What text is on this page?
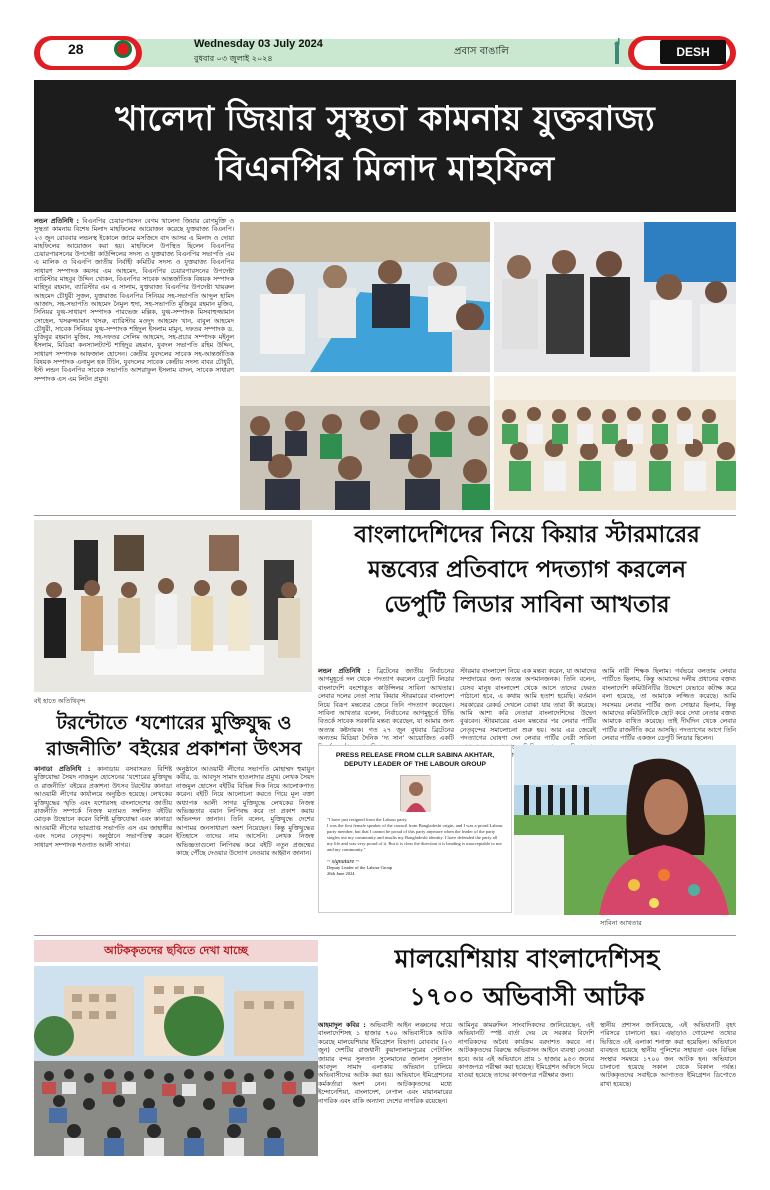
28	Wednesday 03 July 2024
বুধবার ০৩ জুলাই ২০২৪
প্রবাস বাঙালি	DESH
খালেদা জিয়ার সুস্থতা কামনায় যুক্তরাজ্য
বিএনপির মিলাদ মাহফিল
লন্ডন প্রতিনিধি : বিএনপির চেয়ারপারসন বেগম খালেদা জিয়ার রোগমুক্তি ও সুস্থতা কামনায় বিশেষ মিলাদ মাহফিলের আয়োজন করেছে যুক্তরাজ্য বিএনপি। ২৩ জুন রোববার লন্ডনস্থ ইকোলে জামে মসজিদে বাদ আসর এ মিলাদ ও দোয়া মাহফিলের আয়োজন করা হয়। মাহফিলে উপস্থিত ছিলেন বিএনপির চেয়ারপারসনের উপদেষ্টা কাউন্সিলের সদস্য ও যুক্তরাজ্য বিএনপির সভাপতি এম এ মালিক ও বিএনপি জাতীয় নির্বাহী কমিটির সদস্য ও যুক্তরাজ্য বিএনপির সাধারণ সম্পাদক কয়সর এম আহমেদ, বিএনপির চেয়ারপারসনের উপদেষ্টা ব্যারিস্টার মাহবুব উদ্দিন খোকন, বিএনপির সাবেক আন্তর্জাতিক বিষয়ক সম্পাদক মাহিদুর রহমান, ব্যারিস্টার এম এ সালাম, যুক্তরাজ্য বিএনপির উপদেষ্টা খায়রুল আহমেদ চৌধুরী সুজন, যুক্তরাজ্য বিএনপির সিনিয়র সহ-সভাপতি আব্দুল হামিদ আজাদ, সহ-সভাপতি আহমেদ নৈমুল হুদা, সহ-সভাপতি মুজিবুর রহমান মুজিব, সিনিয়র যুগ্ম-সাধারণ সম্পাদক পারভেজ মল্লিক, যুগ্ম-সম্পাদক মিসবাহুজ্জামান সোহেল, খসরুজ্জামান খসরু, ব্যারিস্টার মওদুদ আহমেদ খান, বাবুল আহমেদ চৌধুরী, সাবেক সিনিয়র যুগ্ম-সম্পাদক শহিদুল ইসলাম মামুন, দফতর সম্পাদক ড. মুজিবুর রহমান মুজিব, সহ-দফতর সেলিম আহমেদ, সহ-প্রচার সম্পাদক মইনুল ইসলাম, মিডিয়া কনস্যালট্যান্ট শাহিদুর রহমান, যুবদল সভাপতি রহিম উদ্দিন, সাধারণ সম্পাদক আফজাল হোসেন। কেন্দ্রীয় যুবদলের সাবেক সহ-আন্তর্জাতিক বিষয়ক সম্পাদক এনামুল হক টিটন, যুবদলের সাবেক কেন্দ্রীয় সদস্য বাবর চৌধুরী, ইস্ট লন্ডন বিএনপির সাবেক সভাপতি আশরাফুল ইসলাম বাদল, সাবেক সাধারণ সম্পাদক এস এম লিটন প্রমুখ।
বই হাতে অতিথিবৃন্দ
বাংলাদেশিদের নিয়ে কিয়ার স্টারমারের
মন্তব্যের প্রতিবাদে পদত্যাগ করলেন
ডেপুটি লিডার সাবিনা আখতার
লন্ডন প্রতিনিধি : ব্রিটেনের জাতীয় নির্বাচনের আগমুহূর্তে দল থেকে পদত্যাগ করলেন ডেপুটি লিডার বাংলাদেশি বংশোদ্ভূত কাউন্সিলর সাবিনা আখতার। লেবার দলের নেতা স্যার কিয়ার স্টারমারের বাংলাদেশ নিয়ে বিরূপ মন্তব্যের জেরে তিনি পদত্যাগ করেছেন। সাবিনা আখতার বলেন, নির্বাচনের আগমুহূর্তে টিভি বিতর্কে সাবেক সরকারি মন্তব্য করেছেন, যা আমার জন্য অত্যন্ত কষ্টদায়ক। গত ২৭ জুন বুধবার ব্রিটেনের অন্যতম মিডিয়া দৈনিক ‘দ্য সান’ আয়োজিত একটি
স্টারমার বাংলাদেশ নিয়ে এক মন্তব্য করেন, যা আমাদের সম্প্রদায়ের জন্য অত্যন্ত অপমানজনক। তিনি বলেন, যেসব মানুষ বাংলাদেশ থেকে আসে তাদের ফেরত পাঠানো হবে, এ কথায় আমি হতাশ হয়েছি। বর্তমান সরকারের রেকর্ড দেখলে বোঝা যায় তারা কী করেছে। আমি আশা করি নেতারা বাংলাদেশিদের উদ্বেগ বুঝবেন। স্টারমারের এমন মন্তব্যের পর লেবার পার্টির নেতৃবৃন্দের সমালোচনা শুরু হয়। আর এর জেরেই পদত্যাগের ঘোষণা দেন লেবার পার্টির নেত্রী সাবিনা
আমি নারী শিক্ষক ছিলাম। গর্বভরে বলতাম লেবার পার্টিতে ছিলাম, কিন্তু আমাদের দলীয় প্রধানের বক্তব্য বাংলাদেশি কমিউনিটির উদ্দেশে যেভাবে কটাক্ষ করে বলা হয়েছে, তা আমাকে লজ্জিত করেছে। আমি সবসময় লেবার পার্টির জন্য সোচ্চার ছিলাম, কিন্তু আমাদের কমিউনিটিকে ছোট করে দেখা নেতার বক্তব্য আমাকে ব্যথিত করেছে। তাই দীর্ঘদিন থেকে লেবার পার্টির রাজনীতি করে আসছি। পদত্যাগের আগে তিনি লেবার পার্টির একজন ডেপুটি লিডার ছিলেন।
টরন্টোতে ‘যশোরের মুক্তিযুদ্ধ ও
রাজনীতি’ বইয়ের প্রকাশনা উৎসব
কানাডা প্রতিনিধি : কানাডায় বসবাসরত বিশিষ্ট মুক্তিযোদ্ধা সৈয়দ নাজমুল হোসেনের ‘যশোরের মুক্তিযুদ্ধ ও রাজনীতি’ বইয়ের প্রকাশনা উৎসব টরন্টোর কানাডা আওয়ামী লীগের কার্যালয়ে অনুষ্ঠিত হয়েছে। লেখকের মুক্তিযুদ্ধের স্মৃতি এবং যশোরসহ বাংলাদেশের জাতীয় রাজনীতি সম্পর্কে নিজস্ব মতামত সম্বলিত বইটির মোড়ক উন্মোচন করেন বিশিষ্ট মুক্তিযোদ্ধা এবং কানাডা আওয়ামী লীগের ভারপ্রাপ্ত সভাপতি এস এম জাহাঙ্গীর এবং দলের নেতৃবৃন্দ। অনুষ্ঠানে সভাপতিত্ব করেন সাধারণ সম্পাদক শওগাত আলী সাগর।
অনুষ্ঠানে আওয়ামী লীগের সভাপতি মোহাম্মদ হুমায়ুন কবীর, ড. আবদুস সামাদ হাওলাদার প্রমুখ। লেখক সৈয়দ নাজমুল হোসেন বইটির বিভিন্ন দিক নিয়ে আলোকপাত করেন। বইটি নিয়ে আলোচনা করতে গিয়ে মূল বক্তা অধ্যাপক আলী সাগর মুক্তিযুদ্ধে লেখকের নিজস্ব অভিজ্ঞতার বয়ান লিপিবদ্ধ করে তা প্রকাশ করায় অভিনন্দন জানান। তিনি বলেন, মুক্তিযুদ্ধে দেশের আপামর জনসাধারণ অংশ নিয়েছেন। কিন্তু মুক্তিযুদ্ধের ইতিহাসে তাদের নাম আসেনি। লেখক নিজস্ব অভিজ্ঞতাগুলো লিপিবদ্ধ করে বইটি নতুন প্রজন্মের কাছে পৌঁছে দেওয়ার উদ্যোগ নেওয়ার আহ্বান জানান।
PRESS RELEASE FROM CLLR SABINA AKHTAR, DEPUTY LEADER OF THE LABOUR GROUP
"I have just resigned from the Labour party.
I was the first female speaker of the council from Bangladeshi origin, and I was a proud Labour party member, but that I cannot be proud of this party anymore when the leader of the party singles out my community and insults my Bangladeshi identity. I have defended the party all my life and was very proud of it. But it is clear the direction it is heading is unacceptable to me and my community."
~ signature ~
Deputy Leader of the Labour Group
26th June 2024
সাবিনা আখতার
আটককৃতদের ছবিতে দেখা যাচ্ছে	মালয়েশিয়ায় বাংলাদেশিসহ
১৭০০ অভিবাসী আটক
আহমাদুল কবির : অভিবাসী আইন লঙ্ঘনের দায়ে বাংলাদেশিসহ ১ হাজার ৭০০ অভিবাসীকে আটক করেছে মালয়েশিয়ার ইমিগ্রেশন বিভাগ। রোববার (২৩ জুন) দেশটির রাজধানী কুয়ালালামপুরের পেটালিং জায়ার বন্দর সুলতান সুলেমানের জালান সুলতান আবদুল সামাদ এলাকায় অভিযান চালিয়ে অভিবাসীদের আটক করা হয়। অভিযানে ইমিগ্রেশনের কর্মকর্তারা অংশ নেন। আটককৃতদের মধ্যে ইন্দোনেশিয়া, বাংলাদেশ, নেপাল এবং মায়ানমারের নাগরিক এবং বাকি অন্যান্য দেশের নাগরিক রয়েছেন।
আমিনুর কামরুদ্দিন সাংবাদিকদের জানিয়েছেন, এই অভিযানটি স্পষ্ট বার্তা দেয় যে সরকার বিদেশি নাগরিকদের অবৈধ কার্যক্রম বরদাশত করবে না। আটককৃতদের বিরুদ্ধে অভিবাসন আইনে ব্যবস্থা নেওয়া হবে। আর এই অভিযানে প্রায় ১ হাজার ৯৫৩ জনের কাগজপত্র পরীক্ষা করা হয়েছে। ইমিগ্রেশন অফিসে নিয়ে যাওয়া হয়েছে তাদের কাগজপত্র পরীক্ষার জন্য।
স্থানীয় প্রশাসন জানিয়েছে, এই অভিযানটি বৃহৎ পরিসরে চালানো হয়। এছাড়াও গোয়েন্দা তথ্যের ভিত্তিতে এই এলাকা শনাক্ত করা হয়েছিল। অভিযানে ব্যবহৃত হয়েছে স্থানীয় পুলিশের সহায়তা এবং বিভিন্ন সংস্থার সমন্বয়ে ১৭০০ জন আটক হন। অভিযানে চালানো হয়েছে সকাল থেকে বিকাল পর্যন্ত। আটককৃতদের সবাইকে আপাতত ইমিগ্রেশন ডিপোতে রাখা হয়েছে।
